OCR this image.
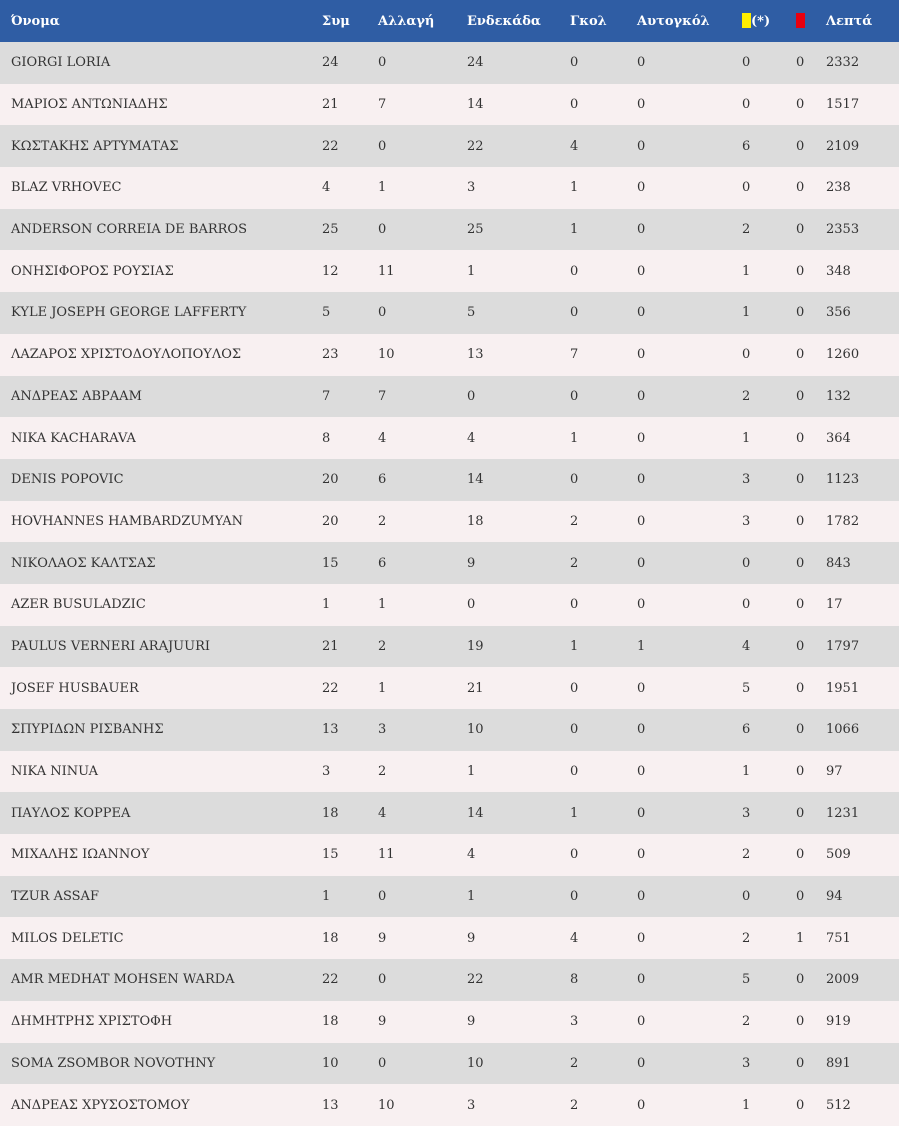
Όνομα	Συμ	Αλλαγή	Ενδεκάδα	Γκολ	Αυτογκόλ	(*)		Λεπτά
GIORGI LORIA	24	0	24	0	0	0	0	2332
ΜΑΡΙΟΣ ΑΝΤΩΝΙΑΔΗΣ	21	7	14	0	0	0	0	1517
ΚΩΣΤΑΚΗΣ ΑΡΤΥΜΑΤΑΣ	22	0	22	4	0	6	0	2109
BLAZ VRHOVEC	4	1	3	1	0	0	0	238
ANDERSON CORREIA DE BARROS	25	0	25	1	0	2	0	2353
ΟΝΗΣΙΦΟΡΟΣ ΡΟΥΣΙΑΣ	12	11	1	0	0	1	0	348
KYLE JOSEPH GEORGE LAFFERTY	5	0	5	0	0	1	0	356
ΛΑΖΑΡΟΣ ΧΡΙΣΤΟΔΟΥΛΟΠΟΥΛΟΣ	23	10	13	7	0	0	0	1260
ΑΝΔΡΕΑΣ ΑΒΡΑΑΜ	7	7	0	0	0	2	0	132
NIKA KACHARAVA	8	4	4	1	0	1	0	364
DENIS POPOVIC	20	6	14	0	0	3	0	1123
HOVHANNES HAMBARDZUMYAN	20	2	18	2	0	3	0	1782
ΝΙΚΟΛΑΟΣ ΚΑΛΤΣΑΣ	15	6	9	2	0	0	0	843
AZER BUSULADZIC	1	1	0	0	0	0	0	17
PAULUS VERNERI ARAJUURI	21	2	19	1	1	4	0	1797
JOSEF HUSBAUER	22	1	21	0	0	5	0	1951
ΣΠΥΡΙΔΩΝ ΡΙΣΒΑΝΗΣ	13	3	10	0	0	6	0	1066
NIKA NINUA	3	2	1	0	0	1	0	97
ΠΑΥΛΟΣ ΚΟΡΡΕΑ	18	4	14	1	0	3	0	1231
ΜΙΧΑΛΗΣ ΙΩΑΝΝΟΥ	15	11	4	0	0	2	0	509
TZUR ASSAF	1	0	1	0	0	0	0	94
MILOS DELETIC	18	9	9	4	0	2	1	751
AMR MEDHAT MOHSEN WARDA	22	0	22	8	0	5	0	2009
ΔΗΜΗΤΡΗΣ ΧΡΙΣΤΟΦΗ	18	9	9	3	0	2	0	919
SOMA ZSOMBOR NOVOTHNY	10	0	10	2	0	3	0	891
ΑΝΔΡΕΑΣ ΧΡΥΣΟΣΤΟΜΟΥ	13	10	3	2	0	1	0	512
